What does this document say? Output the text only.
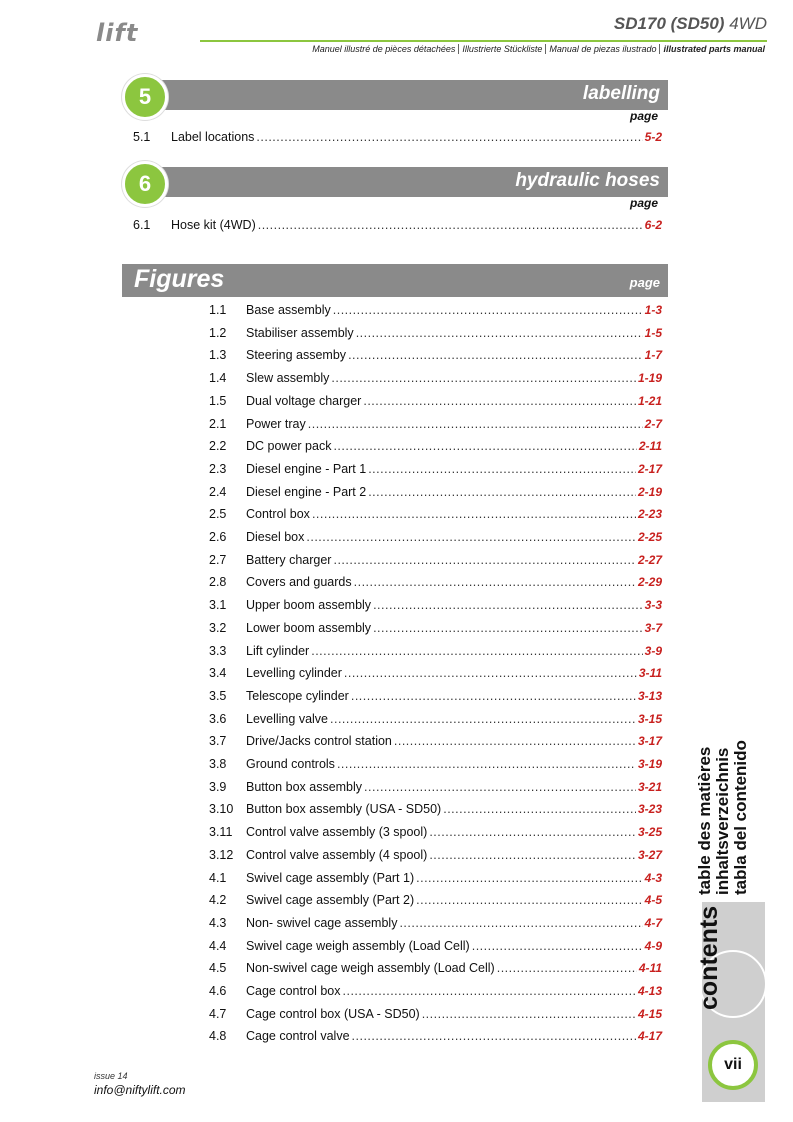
lift	SD170 (SD50) 4WD
Manuel illustré de pièces détachées Illustrierte Stückliste Manual de piezas ilustrado illustrated parts manual
5	labelling
page
5.1	Label locations .....	5-2
6	hydraulic hoses
page
6.1	Hose kit (4WD) .....	6-2
Figures	page
1.1	Base assembly .....	1-3
1.2	Stabiliser assembly .....	1-5
1.3	Steering assemby .....	1-7
1.4	Slew assembly .....	1-19
1.5	Dual voltage charger .....	1-21
2.1	Power tray .....	2-7
2.2	DC power pack .....	2-11
2.3	Diesel engine - Part 1 .....	2-17
2.4	Diesel engine - Part 2 .....	2-19
2.5	Control box .....	2-23
2.6	Diesel box .....	2-25
2.7	Battery charger .....	2-27
2.8	Covers and guards .....	2-29
3.1	Upper boom assembly .....	3-3
3.2	Lower boom assembly .....	3-7
3.3	Lift cylinder .....	3-9
3.4	Levelling cylinder .....	3-11
3.5	Telescope cylinder .....	3-13
3.6	Levelling valve .....	3-15
3.7	Drive/Jacks control station .....	3-17
3.8	Ground controls .....	3-19
3.9	Button box assembly .....	3-21
3.10	Button box assembly (USA - SD50) .....	3-23
3.11	Control valve assembly (3 spool) .....	3-25
3.12	Control valve assembly (4 spool) .....	3-27
4.1	Swivel cage assembly (Part 1) .....	4-3
4.2	Swivel cage assembly (Part 2) .....	4-5
4.3	Non- swivel cage assembly .....	4-7
4.4	Swivel cage weigh assembly (Load Cell) .....	4-9
4.5	Non-swivel cage weigh assembly (Load Cell) .....	4-11
4.6	Cage control box .....	4-13
4.7	Cage control box (USA - SD50) .....	4-15
4.8	Cage control valve .....	4-17
table des matières inhaltsverzeichnis tabla del contenido
contents
vii
issue 14
info@niftylift.com
